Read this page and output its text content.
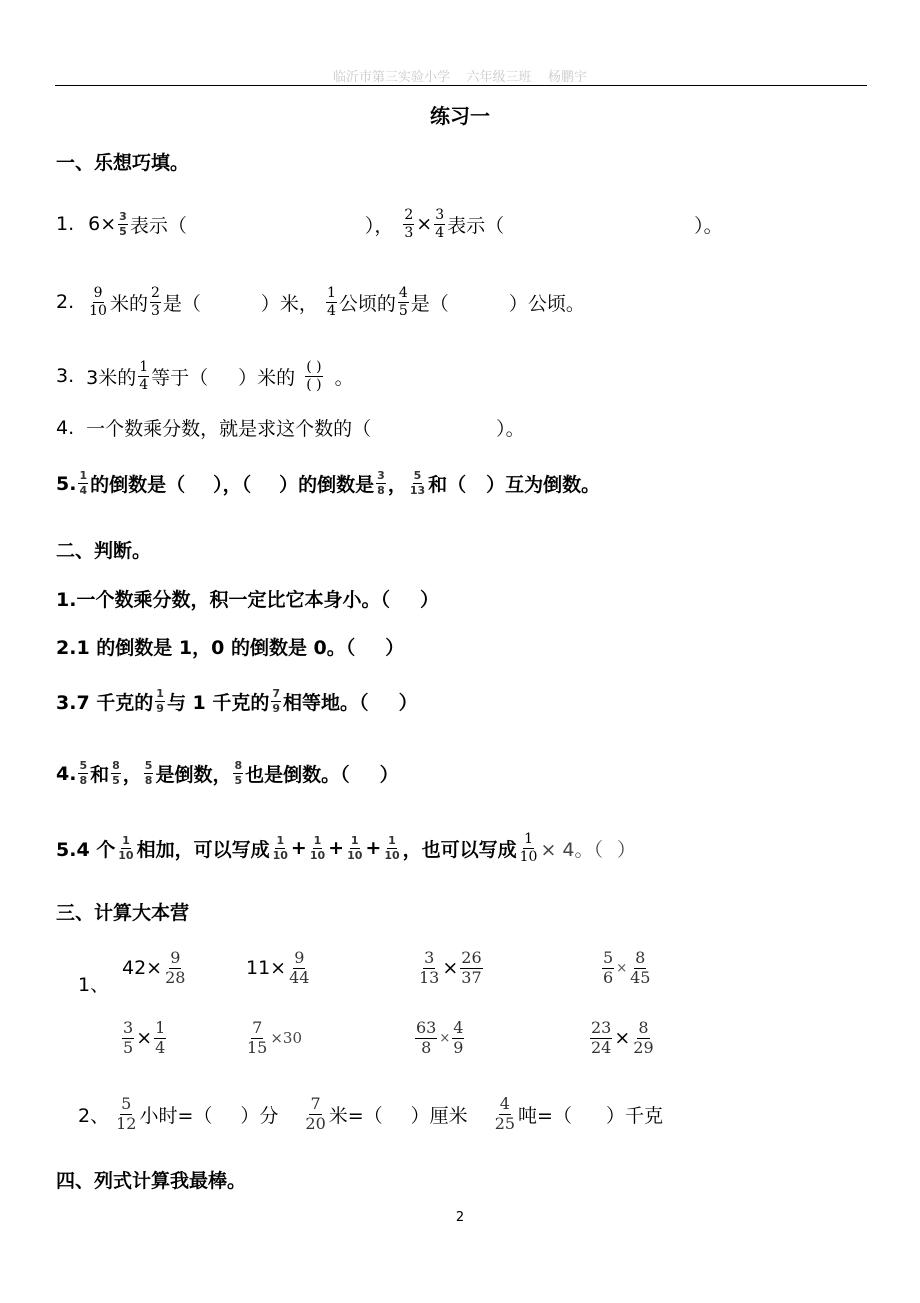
临沂市第三实验小学 六年级三班 杨鹏宇
练习一
一、乐想巧填。
1. $6\times \frac{3}{5}$ 表示（	）， $\frac{2}{3} \times \frac{3}{4}$ 表示（	）。
2. 9
10 米的 2
3 是（	）米， 1
4 公顷的 4
5 是（	）公顷。
3. 3米的 1
4 等于（ ）米的 ( )
( ) 。
4. 一个数乘分数，就是求这个数的（	）。
5. 1
4 的倒数是（ ），（ ）的倒数是 3
8 ， 5
13 和（ ）互为倒数。
二、判断。
1.一个数乘分数，积一定比它本身小。（ ）
2.1 的倒数是 1，0 的倒数是 0。（ ）
3.7 千克的 1
9 与 1 千克的 7
9 相等地。（ ）
4. 5
8 和 8
5 ， 5
8 是倒数， 8
5 也是倒数。（ ）
5.4 个 1
10 相加，可以写成 1
$10 + \frac{1}{10} + \frac{1}{10} + \frac{1}{10}$ ，也可以写成 $\frac{1}{10} \times 4$。（ ）
三、计算大本营
1、
$42\times \frac{9}{28}$	$11\times \frac{9}{44}$	$\frac{3}{13} \times \frac{26}{37}$	$\frac{5}{6} \times \frac{8}{45}$
$\frac{3}{5} \times \frac{1}{4}$	$\frac{7}{15} \times 30$	$\frac{63}{8} \times \frac{4}{9}$	$\frac{23}{24} \times \frac{8}{29}$
2、
5
12 小时=（ ）分
7
20 米=（ ）厘米
4
25 吨=（ ）千克
四、列式计算我最棒。
2
